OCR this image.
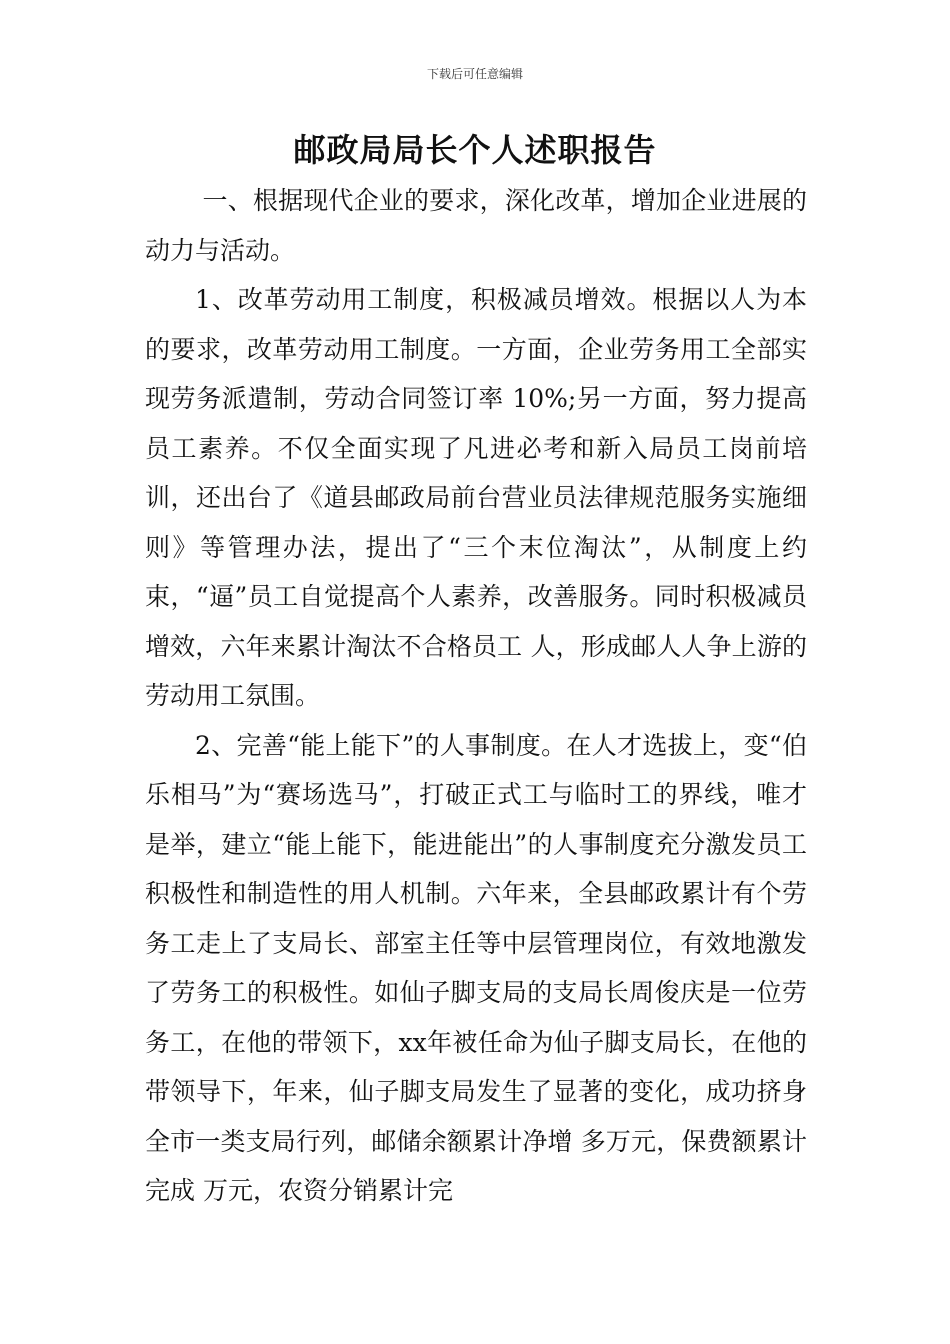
下载后可任意编辑
邮政局局长个人述职报告

一、根据现代企业的要求，深化改革，增加企业进展的动力与活动。

1、改革劳动用工制度，积极减员增效。根据以人为本的要求，改革劳动用工制度。一方面，企业劳务用工全部实现劳务派遣制，劳动合同签订率 10%;另一方面，努力提高员工素养。不仅全面实现了凡进必考和新入局员工岗前培训，还出台了《道县邮政局前台营业员法律规范服务实施细则》等管理办法，提出了“三个末位淘汰”，从制度上约束，“逼”员工自觉提高个人素养，改善服务。同时积极减员增效，六年来累计淘汰不合格员工 人，形成邮人人争上游的劳动用工氛围。

2、完善“能上能下”的人事制度。在人才选拔上，变“伯乐相马”为“赛场选马”，打破正式工与临时工的界线，唯才是举，建立“能上能下，能进能出”的人事制度充分激发员工积极性和制造性的用人机制。六年来，全县邮政累计有个劳务工走上了支局长、部室主任等中层管理岗位，有效地激发了劳务工的积极性。如仙子脚支局的支局长周俊庆是一位劳务工，在他的带领下，xx年被任命为仙子脚支局长，在他的带领导下，年来，仙子脚支局发生了显著的变化，成功挤身全市一类支局行列，邮储余额累计净增 多万元，保费额累计完成 万元，农资分销累计完
